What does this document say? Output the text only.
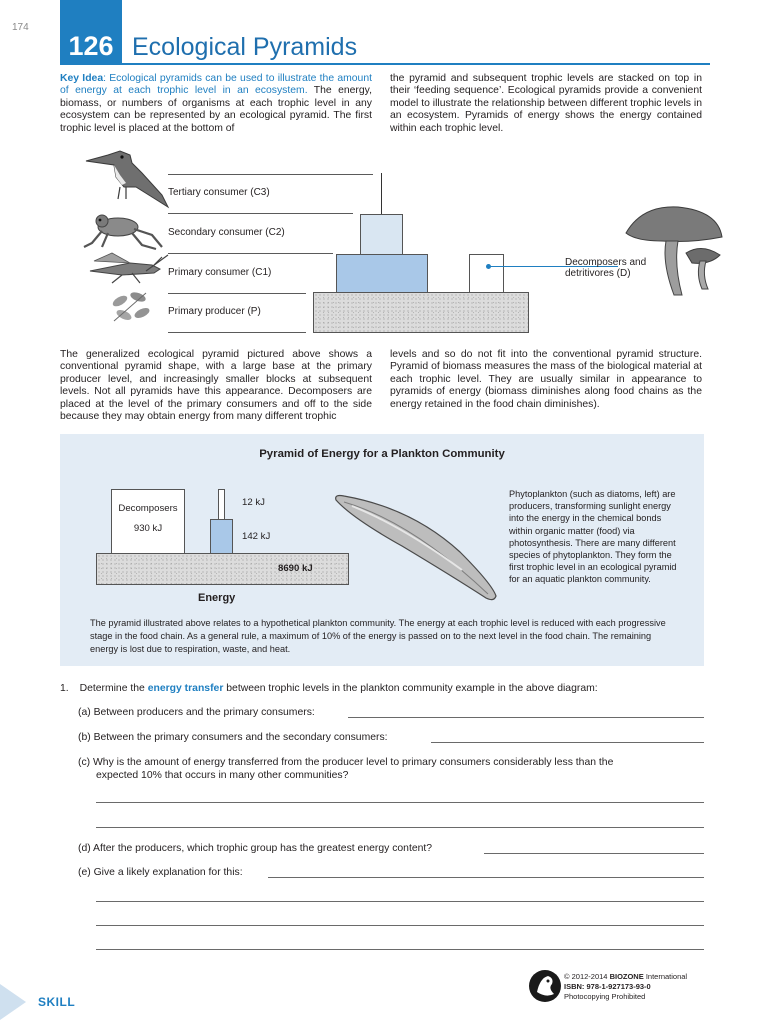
174
126 Ecological Pyramids
Key Idea: Ecological pyramids can be used to illustrate the amount of energy at each trophic level in an ecosystem. The energy, biomass, or numbers of organisms at each trophic level in any ecosystem can be represented by an ecological pyramid. The first trophic level is placed at the bottom of
the pyramid and subsequent trophic levels are stacked on top in their ‘feeding sequence’. Ecological pyramids provide a convenient model to illustrate the relationship between different trophic levels in an ecosystem. Pyramids of energy shows the energy contained within each trophic level.
Tertiary consumer (C3)
Secondary consumer (C2)
Primary consumer (C1)
Primary producer (P)
Decomposers and detritivores (D)
The generalized ecological pyramid pictured above shows a conventional pyramid shape, with a large base at the primary producer level, and increasingly smaller blocks at subsequent levels. Not all pyramids have this appearance. Decomposers are placed at the level of the primary consumers and off to the side because they may obtain energy from many different trophic
levels and so do not fit into the conventional pyramid structure. Pyramid of biomass measures the mass of the biological material at each trophic level. They are usually similar in appearance to pyramids of energy (biomass diminishes along food chains as the energy retained in the food chain diminishes).
Pyramid of Energy for a Plankton Community
Decomposers
930 kJ
12 kJ
142 kJ
8690 kJ
Energy
Phytoplankton (such as diatoms, left) are producers, transforming sunlight energy into the energy in the chemical bonds within organic matter (food) via photosynthesis. There are many different species of phytoplankton. They form the first trophic level in an ecological pyramid for an aquatic plankton community.
The pyramid illustrated above relates to a hypothetical plankton community. The energy at each trophic level is reduced with each progressive stage in the food chain. As a general rule, a maximum of 10% of the energy is passed on to the next level in the food chain. The remaining energy is lost due to respiration, waste, and heat.
1. Determine the energy transfer between trophic levels in the plankton community example in the above diagram:
(a) Between producers and the primary consumers:
(b) Between the primary consumers and the secondary consumers:
(c) Why is the amount of energy transferred from the producer level to primary consumers considerably less than the
expected 10% that occurs in many other communities?
(d) After the producers, which trophic group has the greatest energy content?
(e) Give a likely explanation for this:
SKILL
© 2012-2014 BIOZONE International
ISBN: 978-1-927173-93-0
Photocopying Prohibited
